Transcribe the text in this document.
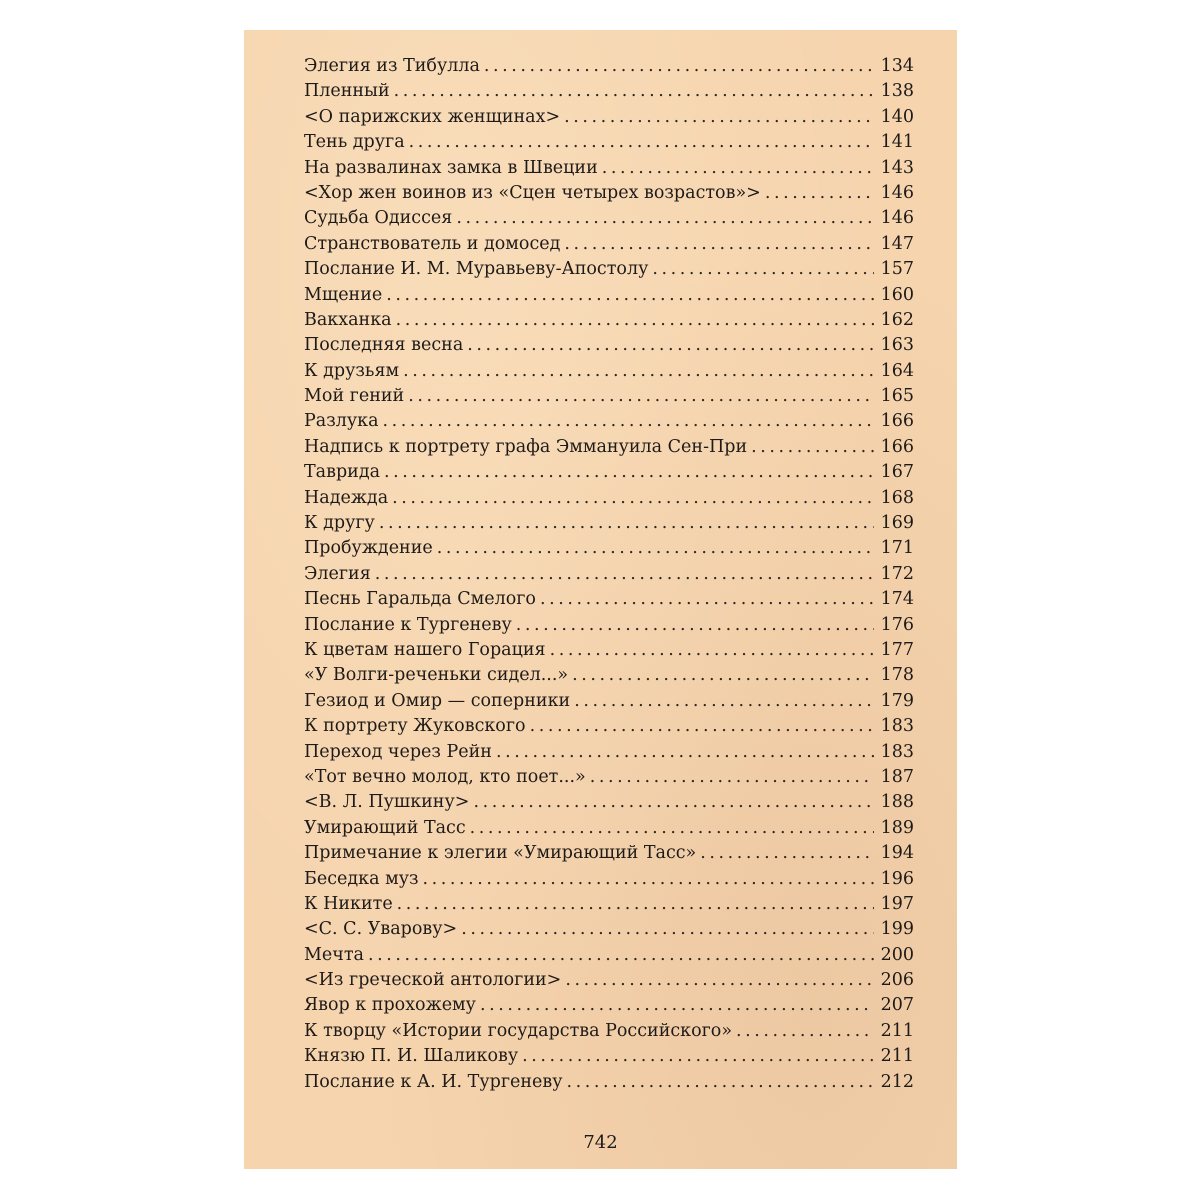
Элегия из Тибулла . . .	134
Пленный . . .	138
<О парижских женщинах> . . .	140
Тень друга . . .	141
На развалинах замка в Швеции . . .	143
<Хор жен воинов из «Сцен четырех возрастов»> . . .	146
Судьба Одиссея . . .	146
Странствователь и домосед . . .	147
Послание И. М. Муравьеву-Апостолу . . .	157
Мщение . . .	160
Вакханка . . .	162
Последняя весна . . .	163
К друзьям . . .	164
Мой гений . . .	165
Разлука . . .	166
Надпись к портрету графа Эммануила Сен-При . . .	166
Таврида . . .	167
Надежда . . .	168
К другу . . .	169
Пробуждение . . .	171
Элегия . . .	172
Песнь Гаральда Смелого . . .	174
Послание к Тургеневу . . .	176
К цветам нашего Горация . . .	177
«У Волги-реченьки сидел...» . . .	178
Гезиод и Омир — соперники . . .	179
К портрету Жуковского . . .	183
Переход через Рейн . . .	183
«Тот вечно молод, кто поет...» . . .	187
<В. Л. Пушкину> . . .	188
Умирающий Тасс . . .	189
Примечание к элегии «Умирающий Тасс» . . .	194
Беседка муз . . .	196
К Никите . . .	197
<С. С. Уварову> . . .	199
Мечта . . .	200
<Из греческой антологии> . . .	206
Явор к прохожему . . .	207
К творцу «Истории государства Российского» . . .	211
Князю П. И. Шаликову . . .	211
Послание к А. И. Тургеневу . . .	212
742
